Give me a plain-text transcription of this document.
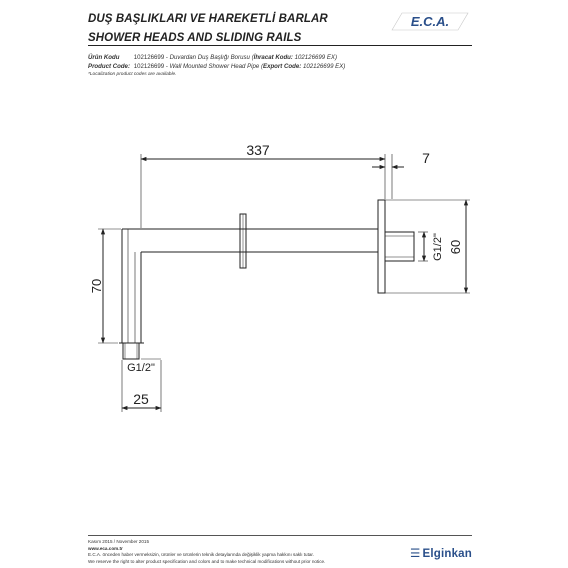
DUŞ BAŞLIKLARI VE HAREKETLİ BARLAR
SHOWER HEADS AND SLIDING RAILS
E.C.A.
Ürün Kodu 102126699 - Duvardan Duş Başlığı Borusu (İhracat Kodu: 102126699 EX)
Product Code: 102126699 - Wall Mounted Shower Head Pipe (Export Code: 102126699 EX)
*Localization product codes are available.
337	7
60
G1/2"
70
G1/2"
25
Kasım 2015 / November 2015
www.eca.com.tr
E.C.A. önceden haber vermeksizin, ürünler ve ürünlerin teknik detaylarında değişiklik yapma hakkını saklı tutar.
We reserve the right to alter product specification and colors and to make technical modifications without prior notice.
☰ Elginkan
